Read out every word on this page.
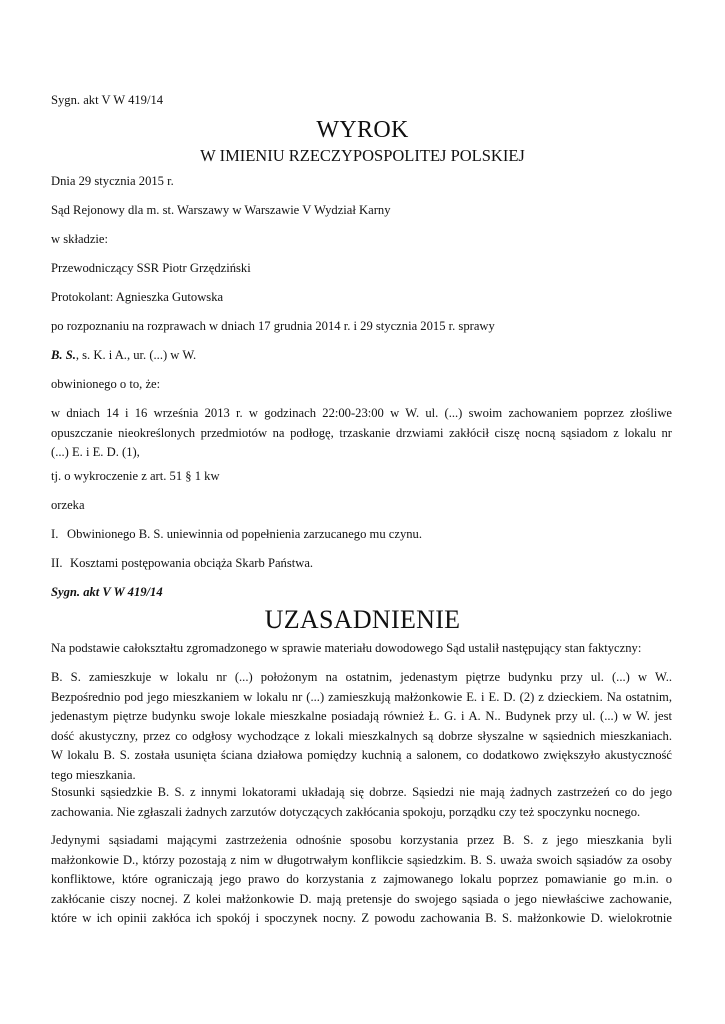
Sygn. akt V W 419/14
WYROK
W IMIENIU RZECZYPOSPOLITEJ POLSKIEJ
Dnia 29 stycznia 2015 r.
Sąd Rejonowy dla m. st. Warszawy w Warszawie V Wydział Karny
w składzie:
Przewodniczący SSR Piotr Grzędziński
Protokolant: Agnieszka Gutowska
po rozpoznaniu na rozprawach w dniach 17 grudnia 2014 r. i 29 stycznia 2015 r. sprawy
B. S., s. K. i A., ur. (...) w W.
obwinionego o to, że:
w dniach 14 i 16 września 2013 r. w godzinach 22:00-23:00 w W. ul. (...) swoim zachowaniem poprzez złośliwe
opuszczanie nieokreślonych przedmiotów na podłogę, trzaskanie drzwiami zakłócił ciszę nocną sąsiadom z lokalu nr
(...) E. i E. D. (1),
tj. o wykroczenie z art. 51 § 1 kw
orzeka
I. Obwinionego B. S. uniewinnia od popełnienia zarzucanego mu czynu.
II. Kosztami postępowania obciąża Skarb Państwa.
Sygn. akt V W 419/14
UZASADNIENIE
Na podstawie całokształtu zgromadzonego w sprawie materiału dowodowego Sąd ustalił następujący stan faktyczny:
B. S. zamieszkuje w lokalu nr (...) położonym na ostatnim, jedenastym piętrze budynku przy ul. (...) w W..
Bezpośrednio pod jego mieszkaniem w lokalu nr (...) zamieszkują małżonkowie E. i E. D. (2) z dzieckiem. Na ostatnim,
jedenastym piętrze budynku swoje lokale mieszkalne posiadają również Ł. G. i A. N.. Budynek przy ul. (...) w W. jest
dość akustyczny, przez co odgłosy wychodzące z lokali mieszkalnych są dobrze słyszalne w sąsiednich mieszkaniach.
W lokalu B. S. została usunięta ściana działowa pomiędzy kuchnią a salonem, co dodatkowo zwiększyło akustyczność
tego mieszkania.
Stosunki sąsiedzkie B. S. z innymi lokatorami układają się dobrze. Sąsiedzi nie mają żadnych zastrzeżeń co do jego
zachowania. Nie zgłaszali żadnych zarzutów dotyczących zakłócania spokoju, porządku czy też spoczynku nocnego.
Jedynymi sąsiadami mającymi zastrzeżenia odnośnie sposobu korzystania przez B. S. z jego mieszkania byli
małżonkowie D., którzy pozostają z nim w długotrwałym konflikcie sąsiedzkim. B. S. uważa swoich sąsiadów za osoby
konfliktowe, które ograniczają jego prawo do korzystania z zajmowanego lokalu poprzez pomawianie go m.in. o
zakłócanie ciszy nocnej. Z kolei małżonkowie D. mają pretensje do swojego sąsiada o jego niewłaściwe zachowanie,
które w ich opinii zakłóca ich spokój i spoczynek nocny. Z powodu zachowania B. S. małżonkowie D. wielokrotnie
